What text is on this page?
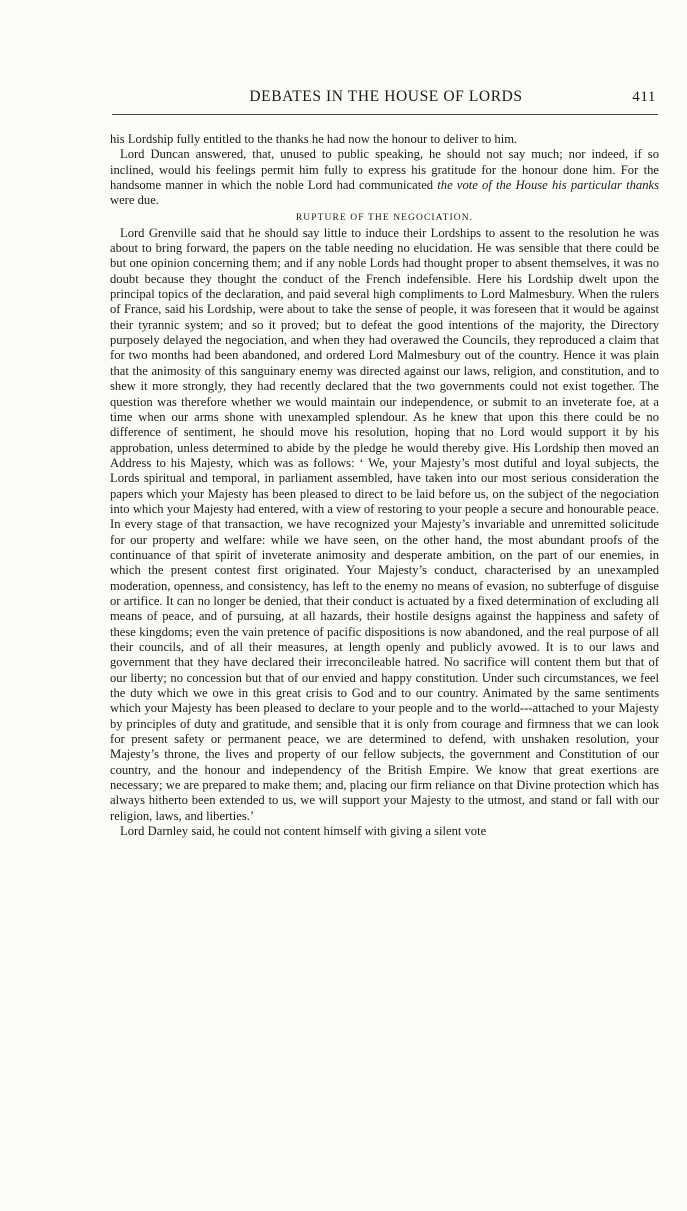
DEBATES IN THE HOUSE OF LORDS	411

his Lordship fully entitled to the thanks he had now the honour to deliver to him.

Lord Duncan answered, that, unused to public speaking, he should not say much; nor indeed, if so inclined, would his feelings permit him fully to express his gratitude for the honour done him. For the handsome manner in which the noble Lord had communicated the vote of the House his particular thanks were due.

RUPTURE OF THE NEGOCIATION.

Lord Grenville said that he should say little to induce their Lordships to assent to the resolution he was about to bring forward, the papers on the table needing no elucidation. He was sensible that there could be but one opinion concerning them; and if any noble Lords had thought proper to absent themselves, it was no doubt because they thought the conduct of the French indefensible. Here his Lordship dwelt upon the principal topics of the declaration, and paid several high compliments to Lord Malmesbury. When the rulers of France, said his Lordship, were about to take the sense of people, it was foreseen that it would be against their tyrannic system; and so it proved; but to defeat the good intentions of the majority, the Directory purposely delayed the negociation, and when they had overawed the Councils, they reproduced a claim that for two months had been abandoned, and ordered Lord Malmesbury out of the country. Hence it was plain that the animosity of this sanguinary enemy was directed against our laws, religion, and constitution, and to shew it more strongly, they had recently declared that the two governments could not exist together. The question was therefore whether we would maintain our independence, or submit to an inveterate foe, at a time when our arms shone with unexampled splendour. As he knew that upon this there could be no difference of sentiment, he should move his resolution, hoping that no Lord would support it by his approbation, unless determined to abide by the pledge he would thereby give. His Lordship then moved an Address to his Majesty, which was as follows: ‘ We, your Majesty’s most dutiful and loyal subjects, the Lords spiritual and temporal, in parliament assembled, have taken into our most serious consideration the papers which your Majesty has been pleased to direct to be laid before us, on the subject of the negociation into which your Majesty had entered, with a view of restoring to your people a secure and honourable peace. In every stage of that transaction, we have recognized your Majesty’s invariable and unremitted solicitude for our property and welfare: while we have seen, on the other hand, the most abundant proofs of the continuance of that spirit of inveterate animosity and desperate ambition, on the part of our enemies, in which the present contest first originated. Your Majesty’s conduct, characterised by an unexampled moderation, openness, and consistency, has left to the enemy no means of evasion, no subterfuge of disguise or artifice. It can no longer be denied, that their conduct is actuated by a fixed determination of excluding all means of peace, and of pursuing, at all hazards, their hostile designs against the happiness and safety of these kingdoms; even the vain pretence of pacific dispositions is now abandoned, and the real purpose of all their councils, and of all their measures, at length openly and publicly avowed. It is to our laws and government that they have declared their irreconcileable hatred. No sacrifice will content them but that of our liberty; no concession but that of our envied and happy constitution. Under such circumstances, we feel the duty which we owe in this great crisis to God and to our country. Animated by the same sentiments which your Majesty has been pleased to declare to your people and to the world---attached to your Majesty by principles of duty and gratitude, and sensible that it is only from courage and firmness that we can look for present safety or permanent peace, we are determined to defend, with unshaken resolution, your Majesty’s throne, the lives and property of our fellow subjects, the government and Constitution of our country, and the honour and independency of the British Empire. We know that great exertions are necessary; we are prepared to make them; and, placing our firm reliance on that Divine protection which has always hitherto been extended to us, we will support your Majesty to the utmost, and stand or fall with our religion, laws, and liberties.’

Lord Darnley said, he could not content himself with giving a silent vote
